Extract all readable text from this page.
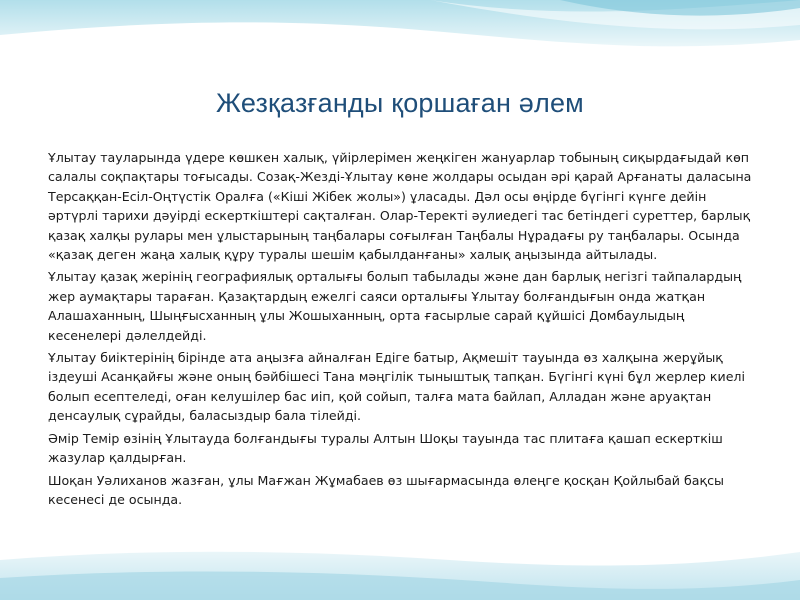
Жезқазғанды қоршаған әлем

Ұлытау тауларында үдере көшкен халық, үйірлерімен жеңкіген жануарлар тобының сиқырдағыдай көп салалы соқпақтары тоғысады. Созақ-Жезді-Ұлытау көне жолдары осыдан әрі қарай Арғанаты даласына Терсаққан-Есіл-Оңтүстік Оралға («Кіші Жібек жолы») ұласады. Дәл осы өңірде бүгінгі күнге дейін әртүрлі тарихи дәуірді ескерткіштері сақталған. Олар-Теректі әулиедегі тас бетіндегі суреттер, барлық қазақ халқы рулары мен ұлыстарының таңбалары соғылған Таңбалы Нұрадағы ру таңбалары. Осында «қазақ деген жаңа халық құру туралы шешім қабылданғаны» халық аңызында айтылады.

Ұлытау қазақ жерінің географиялық орталығы болып табылады және дан барлық негізгі тайпалардың жер аумақтары тараған. Қазақтардың ежелгі саяси орталығы Ұлытау болғандығын онда жатқан Алашаханның, Шыңғысханның ұлы Жошыханның, орта ғасырлые сарай құйшісі Домбаулыдың кесенелері дәлелдейді.

Ұлытау биіктерінің бірінде ата аңызға айналған Едіге батыр, Ақмешіт тауында өз халқына жерұйық іздеуші Асанқайғы және оның бәйбішесі Тана мәңгілік тыныштық тапқан. Бүгінгі күні бұл жерлер киелі болып есептеледі, оған келушілер бас иіп, қой сойып, талға мата байлап, Алладан және аруақтан денсаулық сұрайды, баласыздыр бала тілейді.

Әмір Темір өзінің Ұлытауда болғандығы туралы Алтын Шоқы тауында тас плитаға қашап ескерткіш жазулар қалдырған.

Шоқан Уәлиханов жазған, ұлы Мағжан Жұмабаев өз шығармасында өлеңге қосқан Қойлыбай бақсы кесенесі де осында.
